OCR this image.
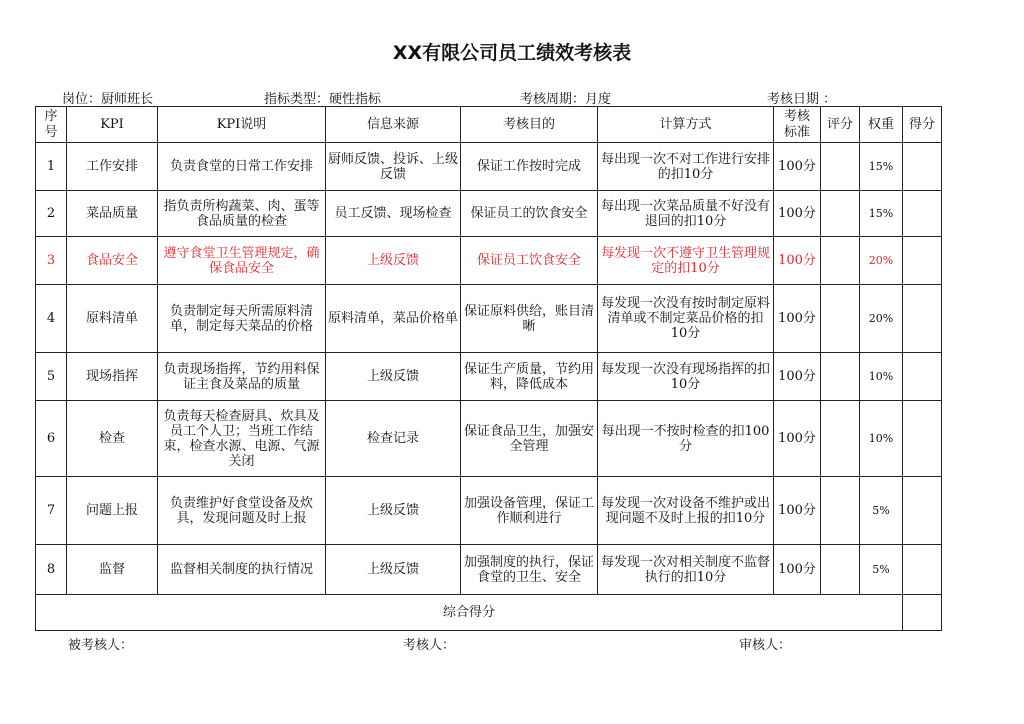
XX有限公司员工绩效考核表
岗位：厨师班长	指标类型：硬性指标	考核周期：月度	考核日期 ：
序号	KPI	KPI说明	信息来源	考核目的	计算方式	考核标准	评分	权重	得分
1	工作安排	负责食堂的日常工作安排	厨师反馈、投诉、上级反馈	保证工作按时完成	每出现一次不对工作进行安排的扣10分	100分		15%	
2	菜品质量	指负责所构蔬菜、肉、蛋等食品质量的检查	员工反馈、现场检查	保证员工的饮食安全	每出现一次菜品质量不好没有退回的扣10分	100分		15%	
3	食品安全	遵守食堂卫生管理规定，确保食品安全	上级反馈	保证员工饮食安全	每发现一次不遵守卫生管理规定的扣10分	100分		20%	
4	原料清单	负责制定每天所需原料清单，制定每天菜品的价格	原料清单，菜品价格单	保证原料供给，账目清晰	每发现一次没有按时制定原料清单或不制定菜品价格的扣10分	100分		20%	
5	现场指挥	负责现场指挥，节约用料保证主食及菜品的质量	上级反馈	保证生产质量，节约用料，降低成本	每发现一次没有现场指挥的扣10分	100分		10%	
6	检查	负责每天检查厨具、炊具及员工个人卫；当班工作结束，检查水源、电源、气源关闭	检查记录	保证食品卫生，加强安全管理	每出现一不按时检查的扣100分	100分		10%	
7	问题上报	负责维护好食堂设备及炊具，发现问题及时上报	上级反馈	加强设备管理，保证工作顺利进行	每发现一次对设备不维护或出现问题不及时上报的扣10分	100分		5%	
8	监督	监督相关制度的执行情况	上级反馈	加强制度的执行，保证食堂的卫生、安全	每发现一次对相关制度不监督执行的扣10分	100分		5%	
综合得分									
被考核人：	考核人：	审核人：
